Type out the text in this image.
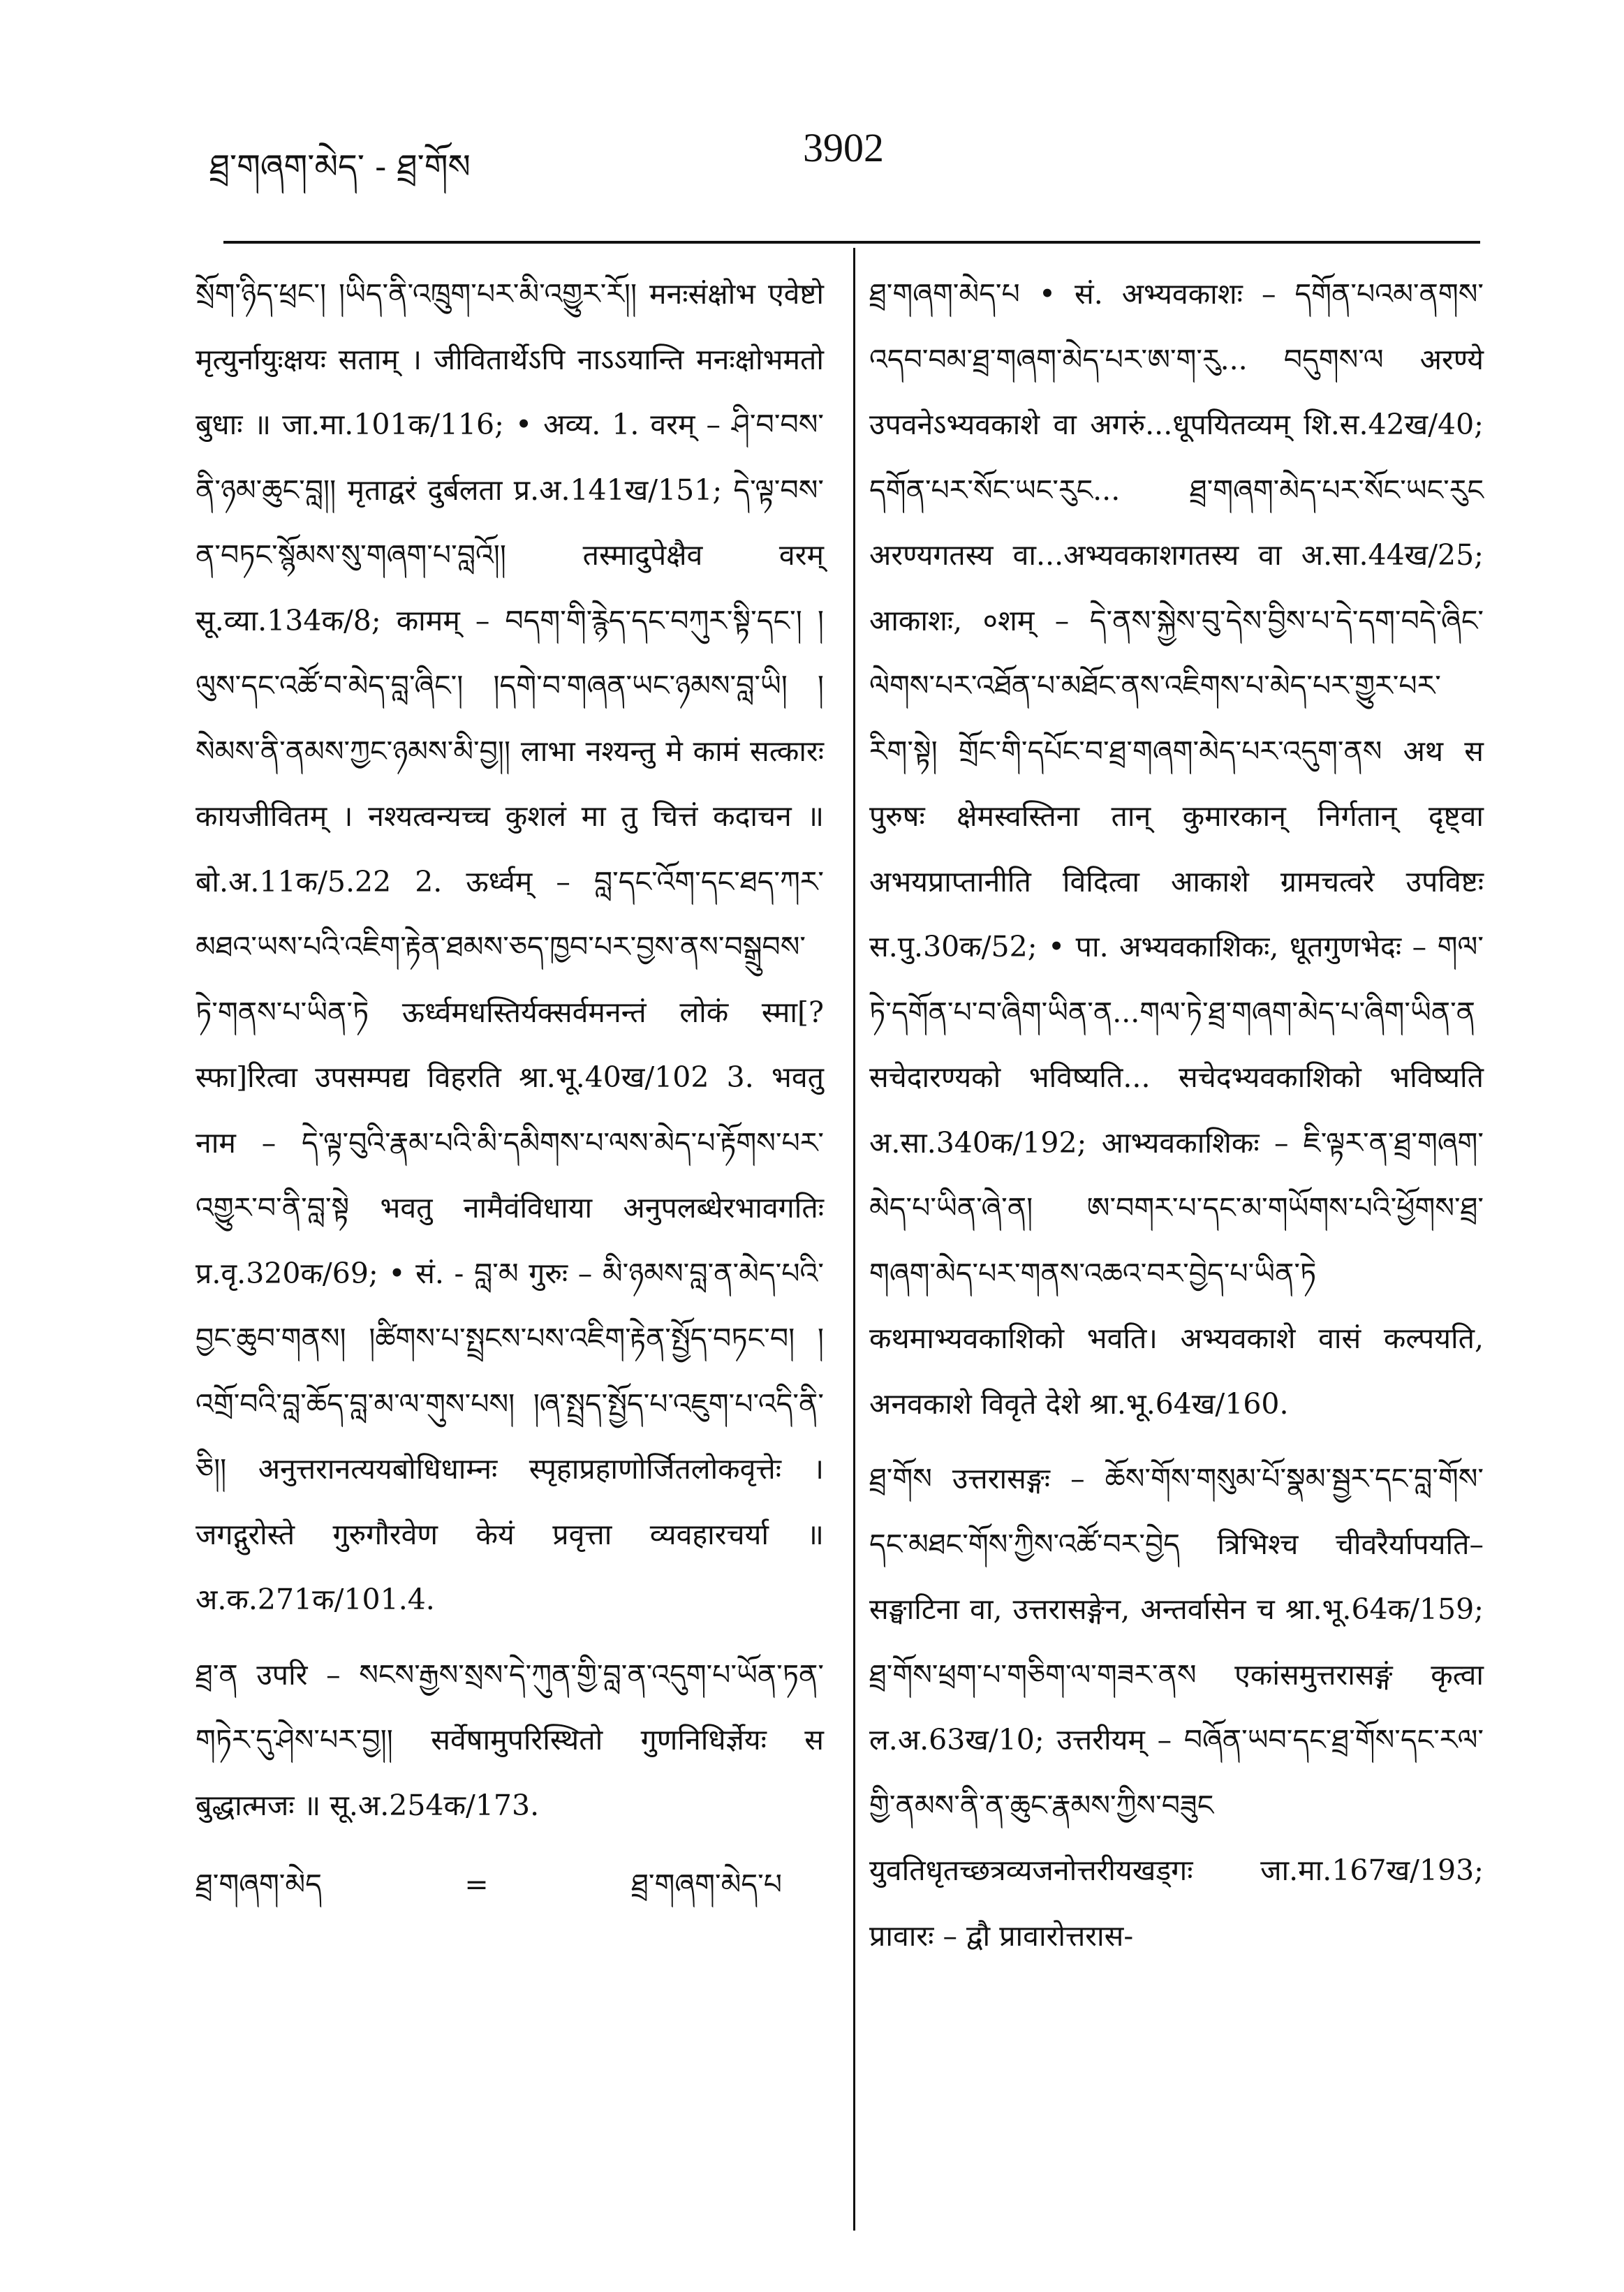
ཐྲ་གཞག་མེད་ - ཐྲ་གོས	3902

སྲོག་ཉིད་ཕྲང་། །ཡིད་ནི་འཁྲུག་པར་མི་འགྱུར་རོ།། मनःसंक्षोभ एवेष्टो मृत्युर्नायुःक्षयः सताम् । जीवितार्थेऽपि नाऽऽयान्ति मनःक्षोभमतो बुधाः ॥ जा.मा.101क/116; • अव्य. 1. वरम् – ཤི་བ་བས་ནི་ཉམ་ཆུང་བླ།། मृताद्वरं दुर्बलता प्र.अ.141ख/151; དེ་ལྟ་བས་ན་བཏང་སྙོམས་སུ་གཞག་པ་བླའོ།། तस्मादुपेक्षैव वरम् सू.व्या.134क/8; कामम् – བདག་གི་རྙེད་དང་བཀུར་སྟི་དང་། །ལུས་དང་འཚོ་བ་མེད་བླ་ཞིང་། །དགེ་བ་གཞན་ཡང་ཉམས་བླ་ཡི། །སེམས་ནི་ནམས་ཀྱང་ཉམས་མི་བྱ།། लाभा नश्यन्तु मे कामं सत्कारः कायजीवितम् । नश्यत्वन्यच्च कुशलं मा तु चित्तं कदाचन ॥ बो.अ.11क/5.22 2. ऊर्ध्वम् – བླ་དང་འོག་དང་ཐད་ཀར་མཐའ་ཡས་པའི་འཇིག་རྟེན་ཐམས་ཅད་ཁྱབ་པར་བྱས་ནས་བསྒྲུབས་ཏེ་གནས་པ་ཡིན་ཏེ ऊर्ध्वमधस्तिर्यक्सर्वमनन्तं लोकं स्मा[?स्फा]रित्वा उपसम्पद्य विहरति श्रा.भू.40ख/102 3. भवतु नाम – དེ་ལྟ་བུའི་རྣམ་པའི་མི་དམིགས་པ་ལས་མེད་པ་རྟོགས་པར་འགྱུར་བ་ནི་བླ་སྟེ भवतु नामैवंविधाया अनुपलब्धेरभावगतिः प्र.वृ.320क/69; • सं. - བླ་མ गुरुः – མི་ཉམས་བླ་ན་མེད་པའི་བྱང་ཆུབ་གནས། །ཚིགས་པ་སྤྲངས་པས་འཇིག་རྟེན་སྤྱོད་བཏང་བ། །འགྲོ་བའི་བླ་ཆོད་བླ་མ་ལ་གུས་པས། །ཞ་སྤྲད་སྤྱོད་པ་འཇུག་པ་འདི་ནི་ཅི།། अनुत्तरानत्ययबोधिधाम्नः स्पृहाप्रहाणोर्जितलोकवृत्तेः । जगद्गुरोस्ते गुरुगौरवेण केयं प्रवृत्ता व्यवहारचर्या ॥ अ.क.271क/101.4.

ཐྲ་ན उपरि – སངས་རྒྱས་སྲས་དེ་ཀུན་གྱི་བླ་ན་འདུག་པ་ཡོན་ཏན་གཏེར་དུ་ཤེས་པར་བྱ།། सर्वेषामुपरिस्थितो गुणनिधिर्ज्ञेयः स बुद्धात्मजः ॥ सू.अ.254क/173.

ཐྲ་གཞག་མེད	=	ཐྲ་གཞག་མེད་པ

ཐྲ་གཞག་མེད་པ • सं. अभ्यवकाशः – དགོན་པའམ་ནགས་འདབ་བམ་ཐྲ་གཞག་མེད་པར་ཨ་ག་རུ... བདུགས་ལ अरण्ये उपवनेऽभ्यवकाशे वा अगरुं...धूपयितव्यम् शि.स.42ख/40; དགོན་པར་སོང་ཡང་རུང... ཐྲ་གཞག་མེད་པར་སོང་ཡང་རུང अरण्यगतस्य वा...अभ्यवकाशगतस्य वा अ.सा.44ख/25; आकाशः, ०शम् – དེ་ནས་སྐྱེས་བུ་དེས་བྱིས་པ་དེ་དག་བདེ་ཞིང་ལེགས་པར་འཐོན་པ་མཐོང་ནས་འཇིགས་པ་མེད་པར་གྱུར་པར་རིག་སྟེ། གྲོང་གི་དཔོང་བ་ཐྲ་གཞག་མེད་པར་འདུག་ནས अथ स पुरुषः क्षेमस्वस्तिना तान् कुमारकान् निर्गतान् दृष्ट्वा अभयप्राप्तानीति विदित्वा आकाशे ग्रामचत्वरे उपविष्टः स.पु.30क/52; • पा. अभ्यवकाशिकः, धूतगुणभेदः – གལ་ཏེ་དགོན་པ་བ་ཞིག་ཡིན་ན...གལ་ཏེ་ཐྲ་གཞག་མེད་པ་ཞིག་ཡིན་ན सचेदारण्यको भविष्यति... सचेदभ्यवकाशिको भविष्यति अ.सा.340क/192; आभ्यवकाशिकः – ཇི་ལྟར་ན་ཐྲ་གཞག་མེད་པ་ཡིན་ཞེ་ན། ཨ་བགར་པ་དང་མ་གཡོགས་པའི་ཕྱོགས་ཐྲ་གཞག་མེད་པར་གནས་འཆའ་བར་བྱེད་པ་ཡིན་ཏེ कथमाभ्यवकाशिको भवति। अभ्यवकाशे वासं कल्पयति, अनवकाशे विवृते देशे श्रा.भू.64ख/160.

ཐྲ་གོས उत्तरासङ्गः – ཆོས་གོས་གསུམ་པོ་སྣམ་སྦྱར་དང་བླ་གོས་དང་མཐང་གོས་ཀྱིས་འཚོ་བར་བྱེད त्रिभिश्च चीवरैर्यापयति–सङ्घाटिना वा, उत्तरासङ्गेन, अन्तर्वासेन च श्रा.भू.64क/159; ཐྲ་གོས་ཕྲག་པ་གཅིག་ལ་གཟར་ནས एकांसमुत्तरासङ्गं कृत्वा ल.अ.63ख/10; उत्तरीयम् – བཞོན་ཡབ་དང་ཐྲ་གོས་དང་རལ་གྱི་ནམས་ནི་ན་ཆུང་རྣམས་ཀྱིས་བཟུང युवतिधृतच्छत्रव्यजनोत्तरीयखड्गः जा.मा.167ख/193; प्रावारः – द्वौ प्रावारोत्तरास-
